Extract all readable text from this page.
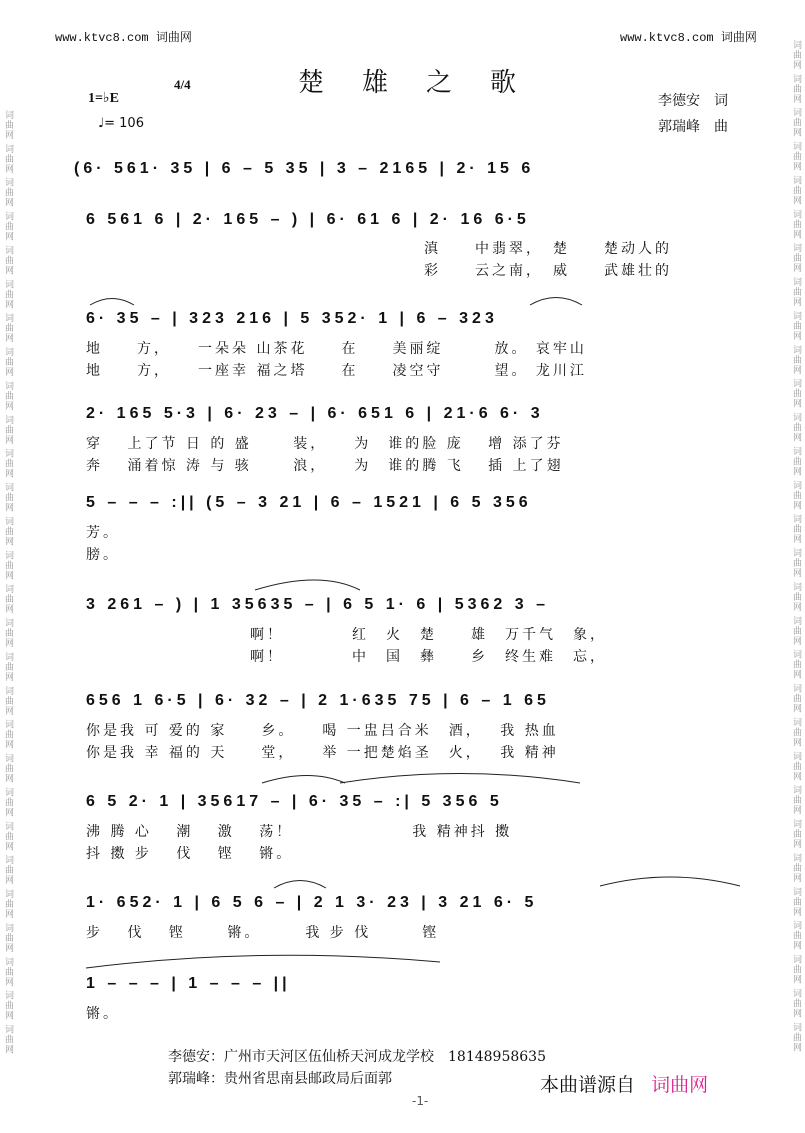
词曲网 词曲网 词曲网 词曲网 词曲网 词曲网 词曲网 词曲网 词曲网 词曲网 词曲网 词曲网 词曲网 词曲网 词曲网 词曲网 词曲网 词曲网 词曲网 词曲网 词曲网 词曲网 词曲网 词曲网 词曲网 词曲网 词曲网 词曲网
词曲网 词曲网 词曲网 词曲网 词曲网 词曲网 词曲网 词曲网 词曲网 词曲网 词曲网 词曲网 词曲网 词曲网 词曲网 词曲网 词曲网 词曲网 词曲网 词曲网 词曲网 词曲网 词曲网 词曲网 词曲网 词曲网 词曲网 词曲网 词曲网 词曲网
www.ktvc8.com 词曲网	www.ktvc8.com 词曲网
楚雄之歌
1=♭E
4/4
♩= 106
李德安　词
郭瑞峰　曲
(6· 561· 35 | 6 – 5 35 | 3 – 2165 | 2· 15 6
6 561 6 | 2· 165 – ) | 6· 61 6 | 2· 16 6·5
滇　　中翡翠，　楚　　楚动人的
彩　　云之南，　威　　武雄壮的
6· 35 – | 323 216 | 5 352· 1 | 6 – 323
地　　方，　　一朵朵 山茶花　　在　　美丽绽　　　放。 哀牢山
地　　方，　　一座幸 福之塔　　在　　凌空守　　　望。 龙川江
2· 165 5·3 | 6· 23 – | 6· 651 6 | 21·6 6· 3
穿　 上了节 日 的 盛　　 装，　　为　谁的脸 庞　 增 添了芬
奔　 涌着惊 涛 与 骇　　 浪，　　为　谁的腾 飞　 插 上了翅
5 – – – :|| (5 – 3 21 | 6 – 1521 | 6 5 356
芳。
膀。
3 261 – ) | 1 35635 – | 6 5 1· 6 | 5362 3 –
啊！　　　　红　火　楚　　雄　万千气　象，
啊！　　　　中　国　彝　　乡　终生难　忘，
656 1 6·5 | 6· 32 – | 2 1·635 75 | 6 – 1 65
你是我 可 爱的 家　　乡。　　喝 一盅吕合米　酒，　 我 热血
你是我 幸 福的 天　　堂，　　举 一把楚焰圣　火，　 我 精神
6 5 2· 1 | 35617 – | 6· 35 – :| 5 356 5
沸 腾 心　 潮　 激　 荡！　　　　　　　我 精神抖 擞
抖 擞 步　 伐　 铿　 锵。
1· 652· 1 | 6 5 6 – | 2 1 3· 23 | 3 21 6· 5
步　 伐　 铿　　 锵。　　　我 步 伐　　　铿
1 – – – | 1 – – – ||
锵。
李德安：广州市天河区伍仙桥天河成龙学校　18148958635
郭瑞峰：贵州省思南县邮政局后面郭
-1-
本曲谱源自 词曲网
